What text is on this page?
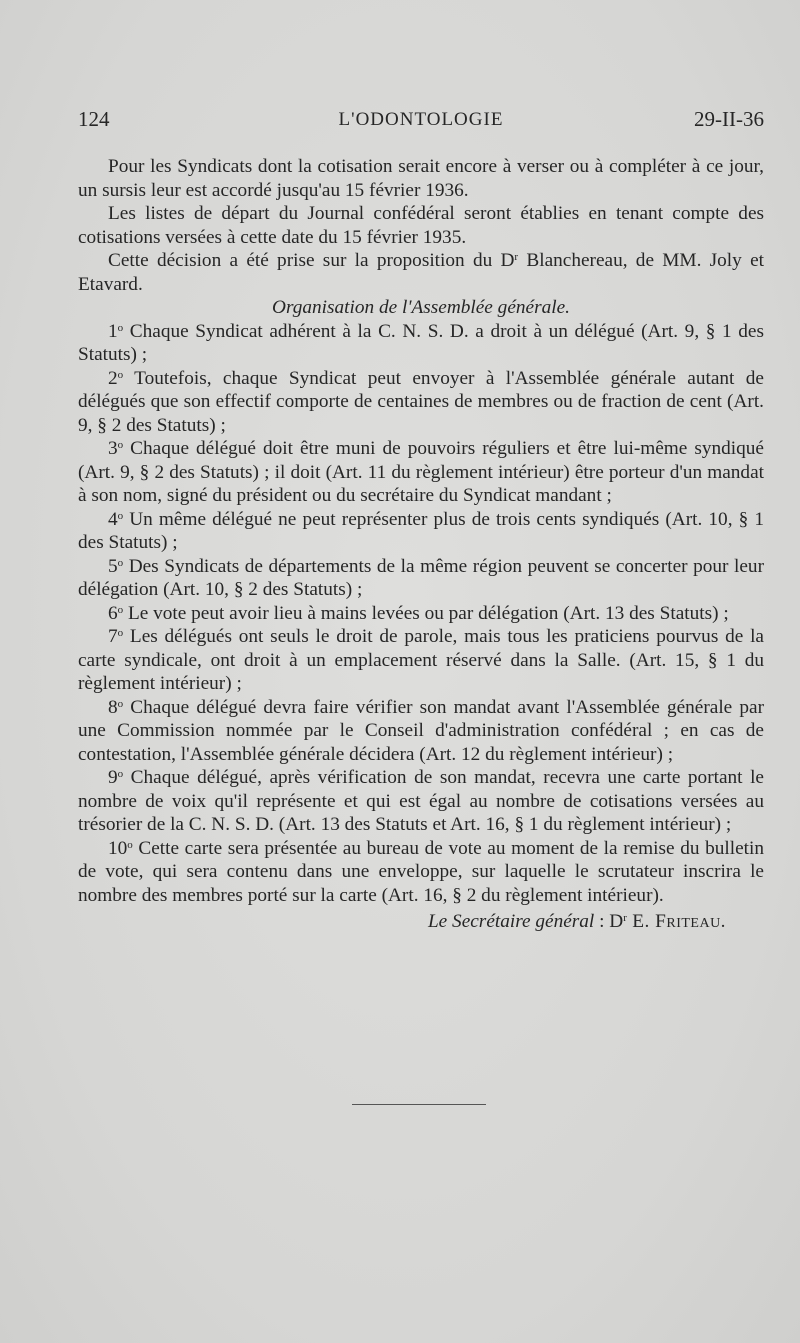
124	L'ODONTOLOGIE	29-II-36

Pour les Syndicats dont la cotisation serait encore à verser ou à compléter à ce jour, un sursis leur est accordé jusqu'au 15 février 1936.

Les listes de départ du Journal confédéral seront établies en tenant compte des cotisations versées à cette date du 15 février 1935.

Cette décision a été prise sur la proposition du $D^r$ Blanchereau, de MM. Joly et Etavard.

Organisation de l'Assemblée générale.

1$^o$ Chaque Syndicat adhérent à la C. N. S. D. a droit à un délégué (Art. 9, § 1 des Statuts) ;

2$^o$ Toutefois, chaque Syndicat peut envoyer à l'Assemblée générale autant de délégués que son effectif comporte de centaines de membres ou de fraction de cent (Art. 9, § 2 des Statuts) ;

3$^o$ Chaque délégué doit être muni de pouvoirs réguliers et être lui-même syndiqué (Art. 9, § 2 des Statuts) ; il doit (Art. 11 du règlement intérieur) être porteur d'un mandat à son nom, signé du président ou du secrétaire du Syndicat mandant ;

4$^o$ Un même délégué ne peut représenter plus de trois cents syndiqués (Art. 10, § 1 des Statuts) ;

5$^o$ Des Syndicats de départements de la même région peuvent se concerter pour leur délégation (Art. 10, § 2 des Statuts) ;

6$^o$ Le vote peut avoir lieu à mains levées ou par délégation (Art. 13 des Statuts) ;

7$^o$ Les délégués ont seuls le droit de parole, mais tous les praticiens pourvus de la carte syndicale, ont droit à un emplacement réservé dans la Salle. (Art. 15, § 1 du règlement intérieur) ;

8$^o$ Chaque délégué devra faire vérifier son mandat avant l'Assemblée générale par une Commission nommée par le Conseil d'administration confédéral ; en cas de contestation, l'Assemblée générale décidera (Art. 12 du règlement intérieur) ;

9$^o$ Chaque délégué, après vérification de son mandat, recevra une carte portant le nombre de voix qu'il représente et qui est égal au nombre de cotisations versées au trésorier de la C. N. S. D. (Art. 13 des Statuts et Art. 16, § 1 du règlement intérieur) ;

10$^o$ Cette carte sera présentée au bureau de vote au moment de la remise du bulletin de vote, qui sera contenu dans une enveloppe, sur laquelle le scrutateur inscrira le nombre des membres porté sur la carte (Art. 16, § 2 du règlement intérieur).

Le Secrétaire général : $D^r$ E. Friteau.
